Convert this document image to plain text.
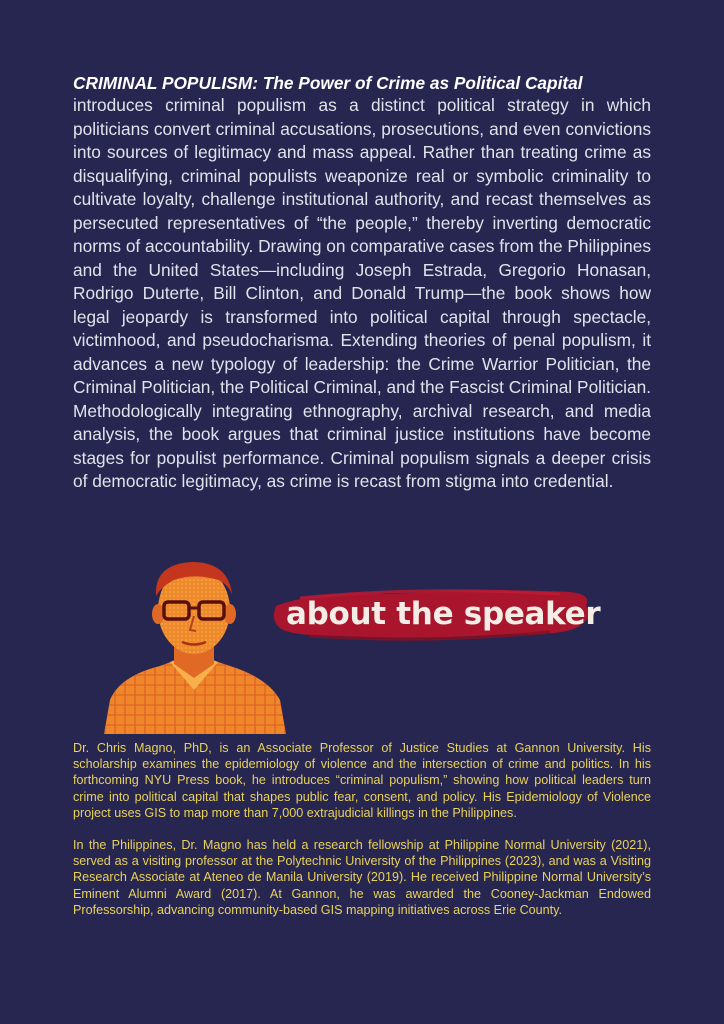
CRIMINAL POPULISM: The Power of Crime as Political Capital

introduces criminal populism as a distinct political strategy in which politicians convert criminal accusations, prosecutions, and even convictions into sources of legitimacy and mass appeal. Rather than treating crime as disqualifying, criminal populists weaponize real or symbolic criminality to cultivate loyalty, challenge institutional authority, and recast themselves as persecuted representatives of “the people,” thereby inverting democratic norms of accountability. Drawing on comparative cases from the Philippines and the United States—including Joseph Estrada, Gregorio Honasan, Rodrigo Duterte, Bill Clinton, and Donald Trump—the book shows how legal jeopardy is transformed into political capital through spectacle, victimhood, and pseudocharisma. Extending theories of penal populism, it advances a new typology of leadership: the Crime Warrior Politician, the Criminal Politician, the Political Criminal, and the Fascist Criminal Politician. Methodologically integrating ethnography, archival research, and media analysis, the book argues that criminal justice institutions have become stages for populist performance. Criminal populism signals a deeper crisis of democratic legitimacy, as crime is recast from stigma into credential.

about the speaker

Dr. Chris Magno, PhD, is an Associate Professor of Justice Studies at Gannon University. His scholarship examines the epidemiology of violence and the intersection of crime and politics. In his forthcoming NYU Press book, he introduces “criminal populism,” showing how political leaders turn crime into political capital that shapes public fear, consent, and policy. His Epidemiology of Violence project uses GIS to map more than 7,000 extrajudicial killings in the Philippines.

In the Philippines, Dr. Magno has held a research fellowship at Philippine Normal University (2021), served as a visiting professor at the Polytechnic University of the Philippines (2023), and was a Visiting Research Associate at Ateneo de Manila University (2019). He received Philippine Normal University’s Eminent Alumni Award (2017). At Gannon, he was awarded the Cooney-Jackman Endowed Professorship, advancing community-based GIS mapping initiatives across Erie County.
